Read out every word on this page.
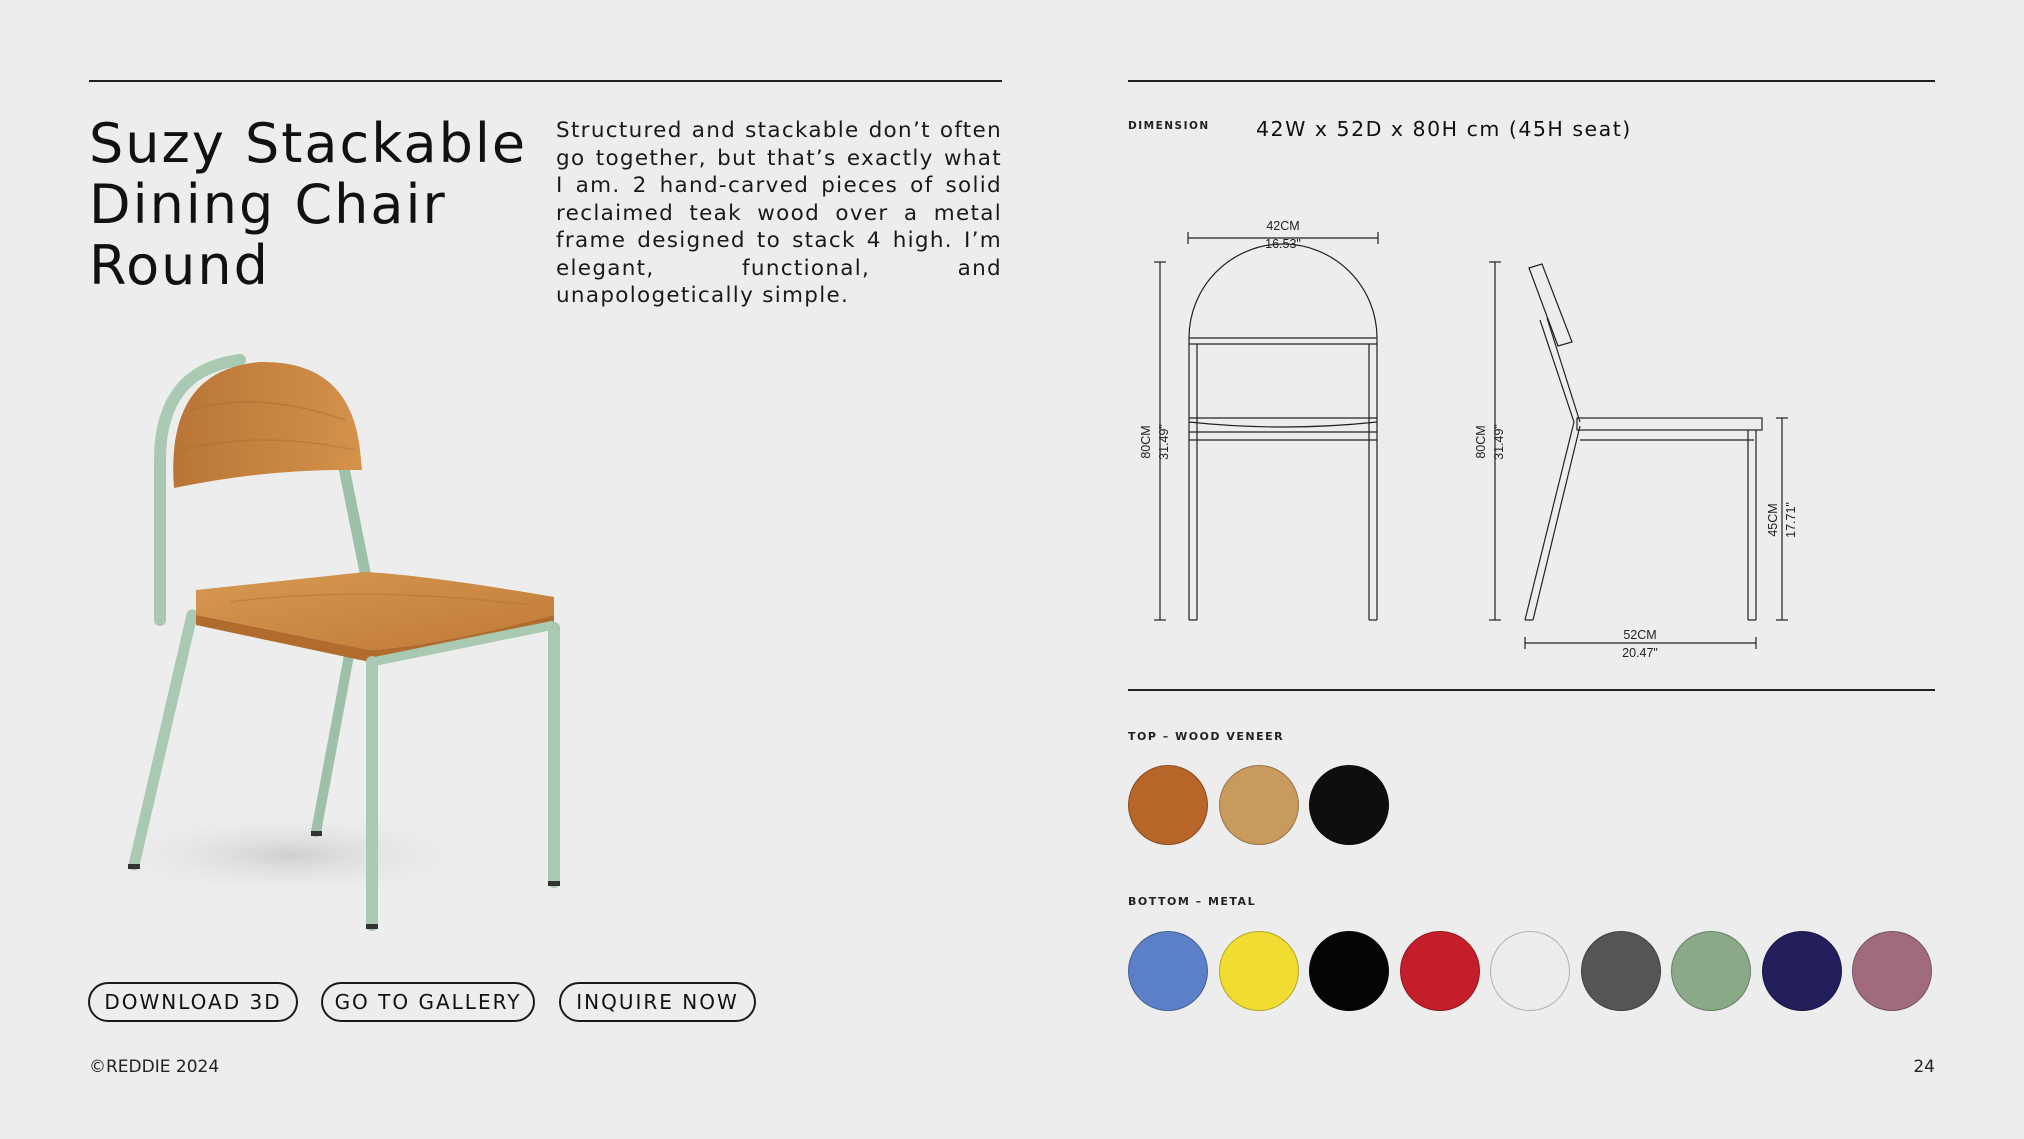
Suzy Stackable
Dining Chair
Round

Structured and stackable don’t often go together, but that’s exactly what I am. 2 hand-carved pieces of solid reclaimed teak wood over a metal frame designed to stack 4 high. I’m elegant, functional, and unapologetically simple.

DOWNLOAD 3D	GO TO GALLERY	INQUIRE NOW
©REDDIE 2024	24
DIMENSION 42W x 52D x 80H cm (45H seat)
42CM
16.53"
80CM 31.49"	80CM 31.49"
45CM 17.71"
52CM
20.47"
TOP – WOOD VENEER
BOTTOM – METAL
